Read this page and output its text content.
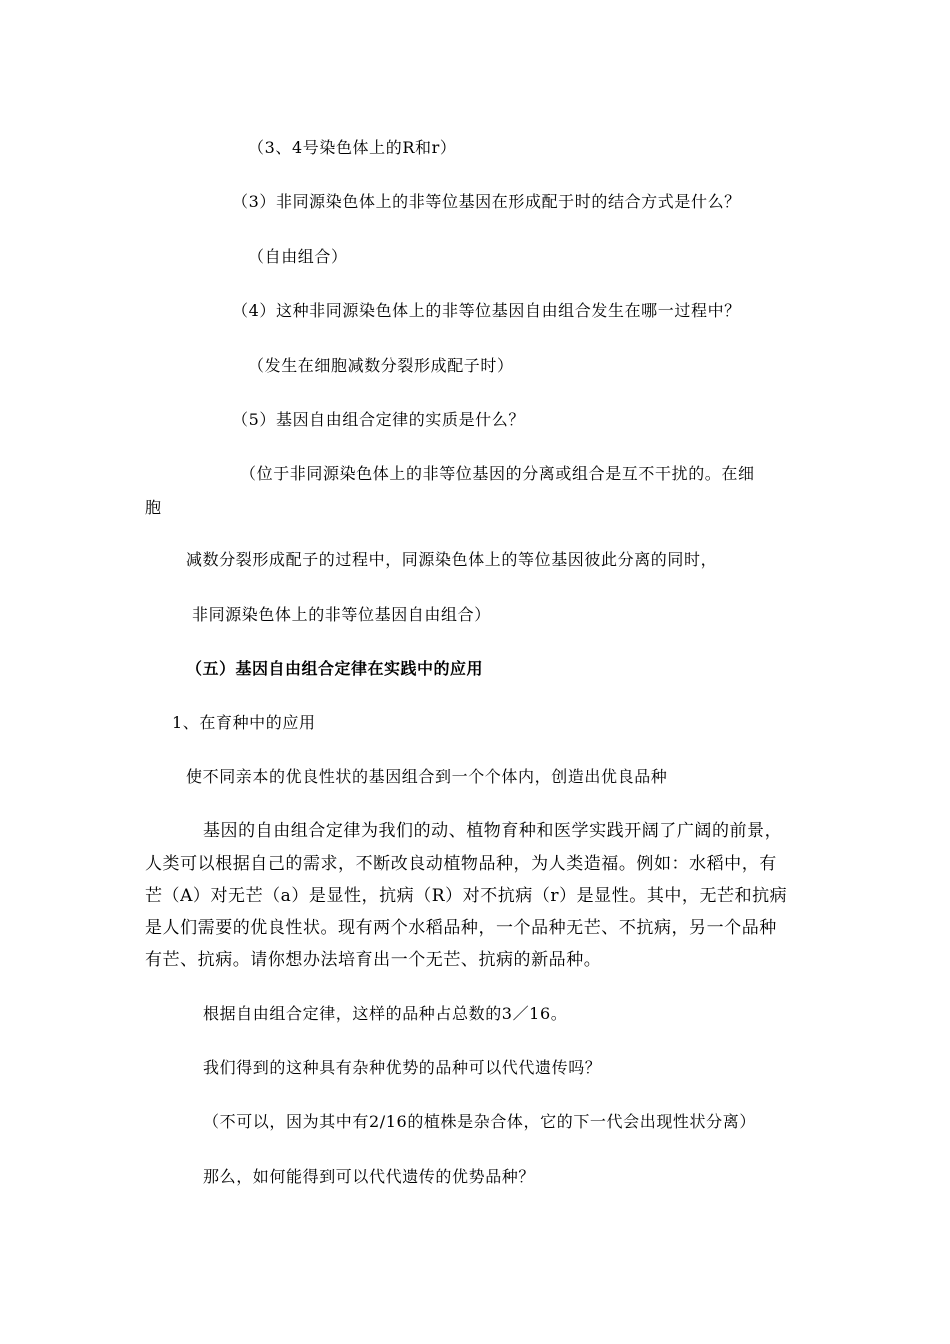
（3、4号染色体上的R和r）
（3）非同源染色体上的非等位基因在形成配于时的结合方式是什么？
（自由组合）
（4）这种非同源染色体上的非等位基因自由组合发生在哪一过程中？
（发生在细胞减数分裂形成配子时）
（5）基因自由组合定律的实质是什么？
（位于非同源染色体上的非等位基因的分离或组合是互不干扰的。在细
胞
减数分裂形成配子的过程中，同源染色体上的等位基因彼此分离的同时，
非同源染色体上的非等位基因自由组合）
（五）基因自由组合定律在实践中的应用
1、在育种中的应用
使不同亲本的优良性状的基因组合到一个个体内，创造出优良品种
基因的自由组合定律为我们的动、植物育种和医学实践开阔了广阔的前景，
人类可以根据自己的需求，不断改良动植物品种，为人类造福。例如：水稻中，有
芒（A）对无芒（a）是显性，抗病（R）对不抗病（r）是显性。其中，无芒和抗病
是人们需要的优良性状。现有两个水稻品种，一个品种无芒、不抗病，另一个品种
有芒、抗病。请你想办法培育出一个无芒、抗病的新品种。
根据自由组合定律，这样的品种占总数的3／16。
我们得到的这种具有杂种优势的品种可以代代遗传吗？
（不可以，因为其中有2/16的植株是杂合体，它的下一代会出现性状分离）
那么，如何能得到可以代代遗传的优势品种？
